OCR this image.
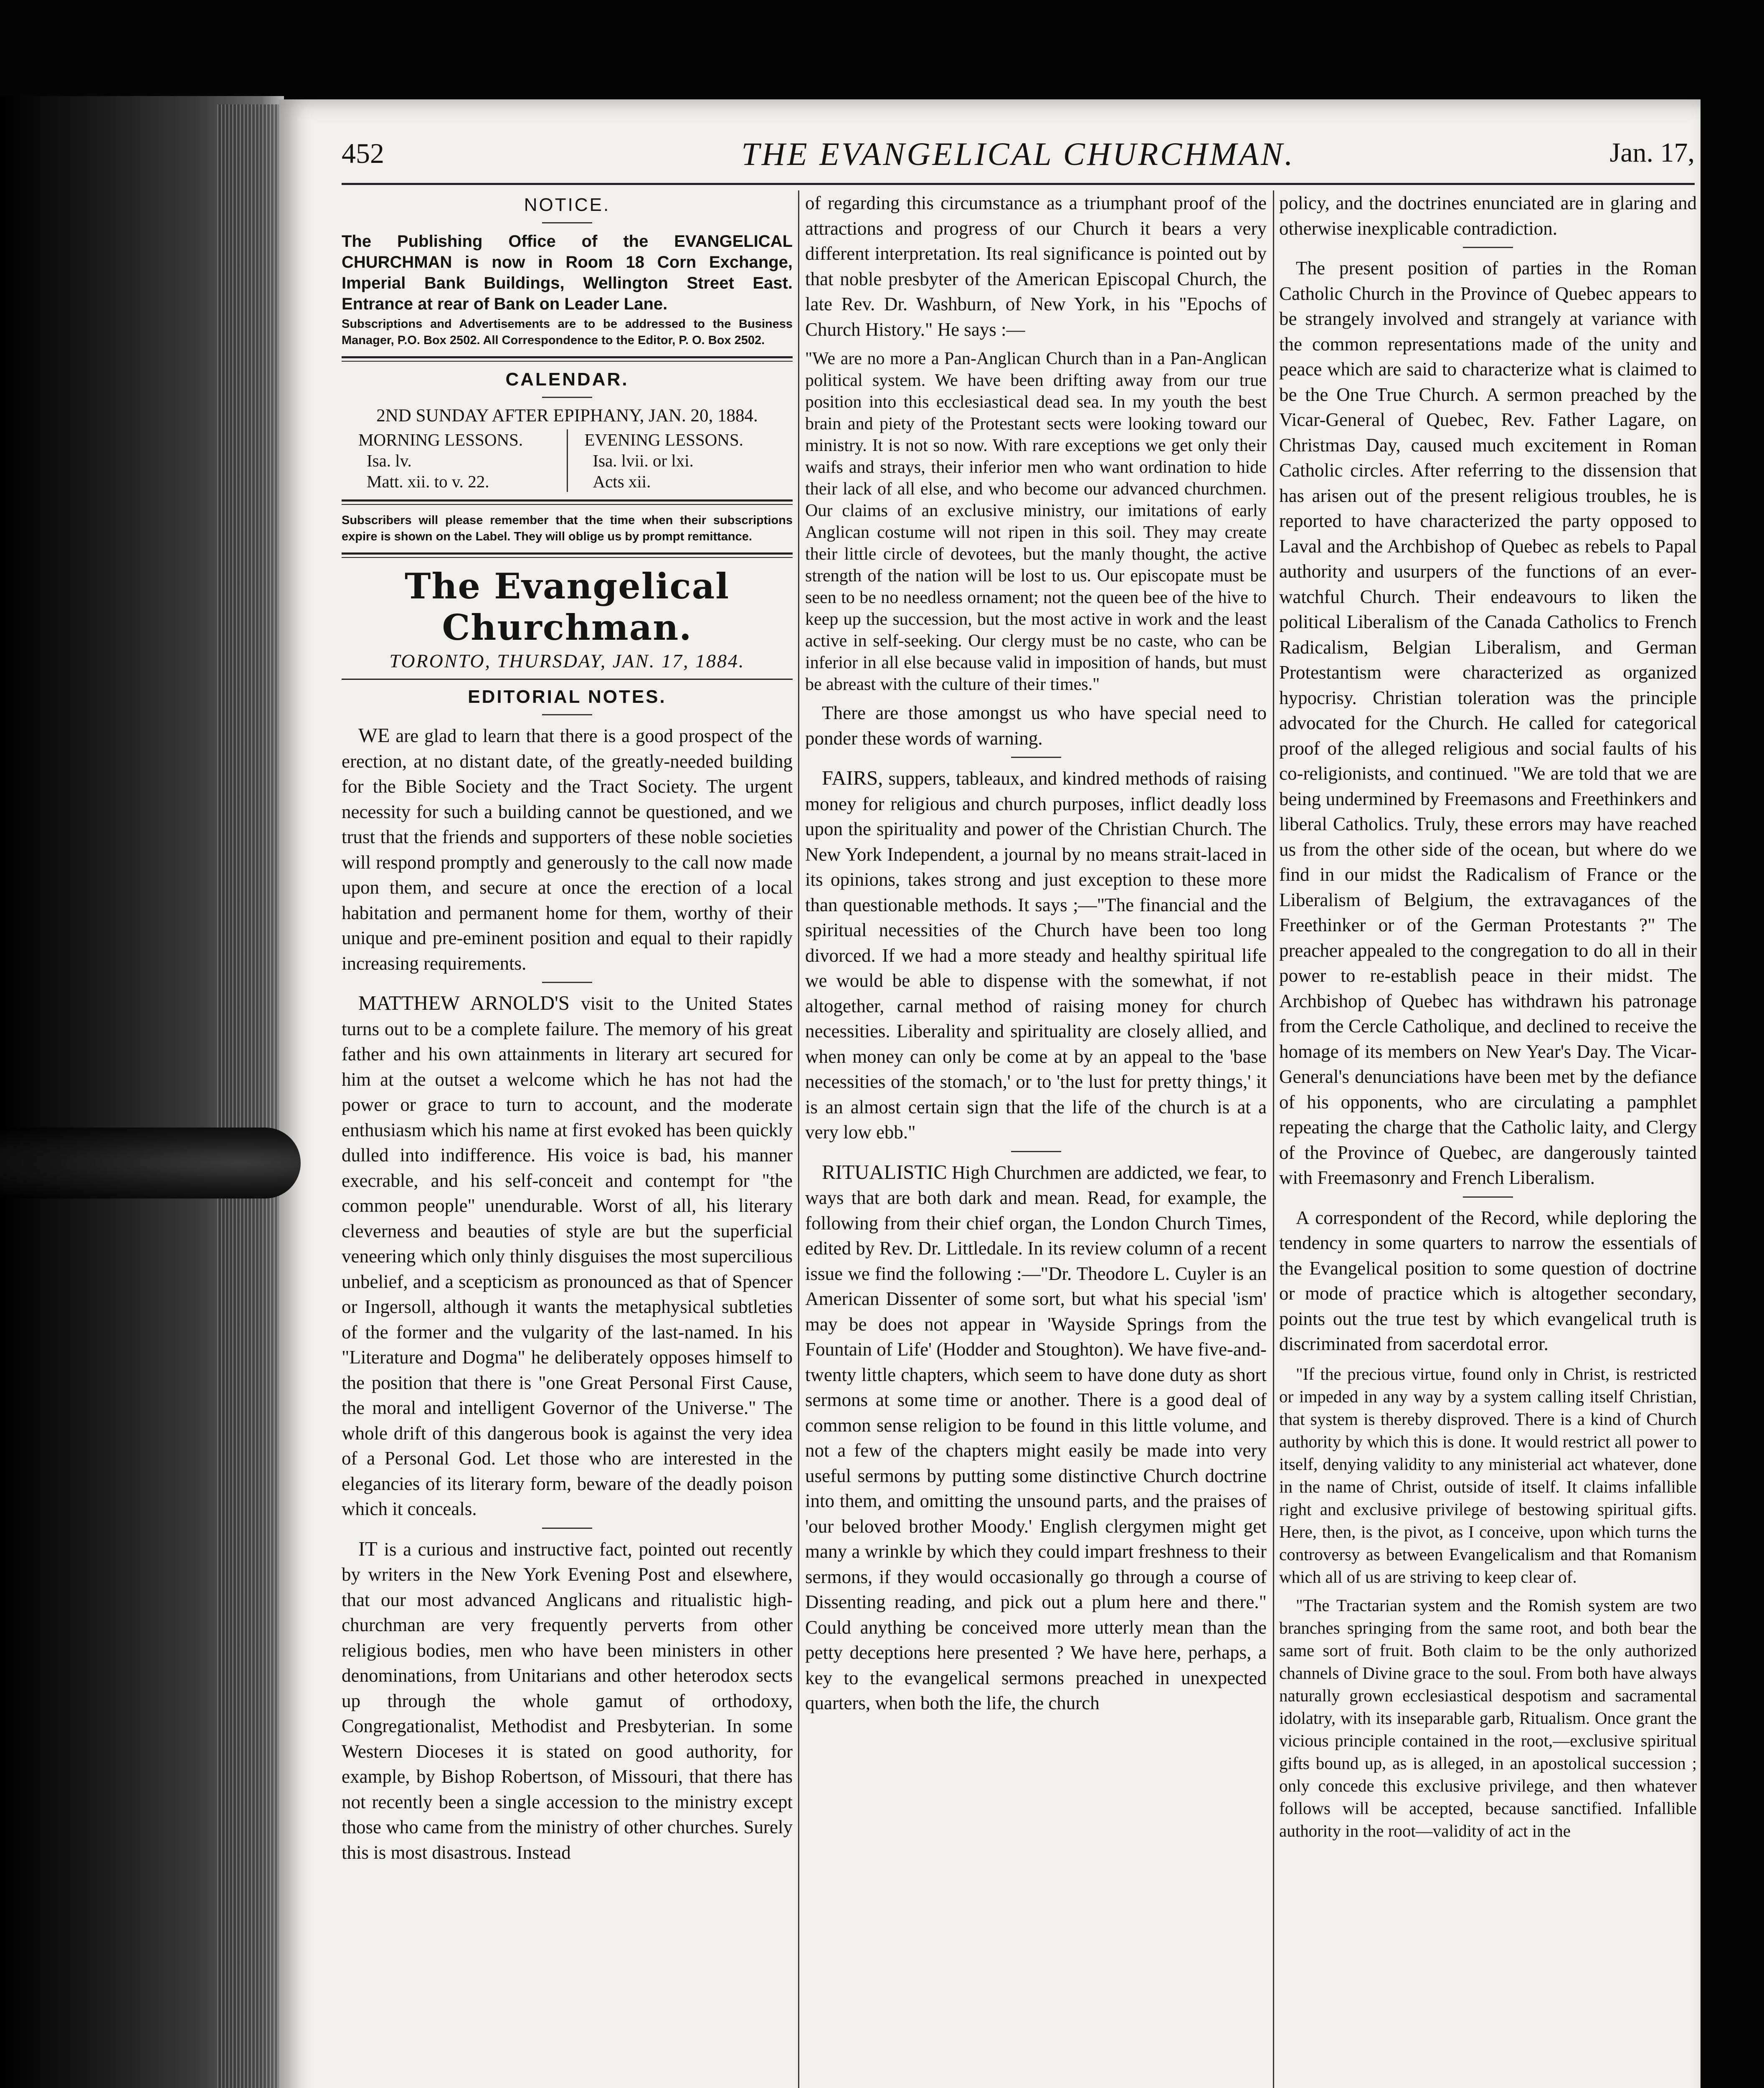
452	THE EVANGELICAL CHURCHMAN.	Jan. 17,
NOTICE.
The Publishing Office of the EVANGELICAL CHURCHMAN is now in Room 18 Corn Exchange, Imperial Bank Buildings, Wellington Street East. Entrance at rear of Bank on Leader Lane.
Subscriptions and Advertisements are to be addressed to the Business Manager, P.O. Box 2502. All Correspondence to the Editor, P. O. Box 2502.
CALENDAR.
2ND SUNDAY AFTER EPIPHANY, JAN. 20, 1884.
MORNING LESSONS.
Isa. lv.
Matt. xii. to v. 22.
EVENING LESSONS.
Isa. lvii. or lxi.
Acts xii.
Subscribers will please remember that the time when their subscriptions expire is shown on the Label. They will oblige us by prompt remittance.
The Evangelical Churchman.
TORONTO, THURSDAY, JAN. 17, 1884.
EDITORIAL NOTES.

WE are glad to learn that there is a good prospect of the erection, at no distant date, of the greatly-needed building for the Bible Society and the Tract Society. The urgent necessity for such a building cannot be questioned, and we trust that the friends and supporters of these noble societies will respond promptly and generously to the call now made upon them, and secure at once the erection of a local habitation and permanent home for them, worthy of their unique and pre-eminent position and equal to their rapidly increasing requirements.

MATTHEW ARNOLD'S visit to the United States turns out to be a complete failure. The memory of his great father and his own attainments in literary art secured for him at the outset a welcome which he has not had the power or grace to turn to account, and the moderate enthusiasm which his name at first evoked has been quickly dulled into indifference. His voice is bad, his manner execrable, and his self-conceit and contempt for "the common people" unendurable. Worst of all, his literary cleverness and beauties of style are but the superficial veneering which only thinly disguises the most supercilious unbelief, and a scepticism as pronounced as that of Spencer or Ingersoll, although it wants the metaphysical subtleties of the former and the vulgarity of the last-named. In his "Literature and Dogma" he deliberately opposes himself to the position that there is "one Great Personal First Cause, the moral and intelligent Governor of the Universe." The whole drift of this dangerous book is against the very idea of a Personal God. Let those who are interested in the elegancies of its literary form, beware of the deadly poison which it conceals.

IT is a curious and instructive fact, pointed out recently by writers in the New York Evening Post and elsewhere, that our most advanced Anglicans and ritualistic high-churchman are very frequently perverts from other religious bodies, men who have been ministers in other denominations, from Unitarians and other heterodox sects up through the whole gamut of orthodoxy, Congregationalist, Methodist and Presbyterian. In some Western Dioceses it is stated on good authority, for example, by Bishop Robertson, of Missouri, that there has not recently been a single accession to the ministry except those who came from the ministry of other churches. Surely this is most disastrous. Instead

of regarding this circumstance as a triumphant proof of the attractions and progress of our Church it bears a very different interpretation. Its real significance is pointed out by that noble presbyter of the American Episcopal Church, the late Rev. Dr. Washburn, of New York, in his "Epochs of Church History." He says :—

"We are no more a Pan-Anglican Church than in a Pan-Anglican political system. We have been drifting away from our true position into this ecclesiastical dead sea. In my youth the best brain and piety of the Protestant sects were looking toward our ministry. It is not so now. With rare exceptions we get only their waifs and strays, their inferior men who want ordination to hide their lack of all else, and who become our advanced churchmen. Our claims of an exclusive ministry, our imitations of early Anglican costume will not ripen in this soil. They may create their little circle of devotees, but the manly thought, the active strength of the nation will be lost to us. Our episcopate must be seen to be no needless ornament; not the queen bee of the hive to keep up the succession, but the most active in work and the least active in self-seeking. Our clergy must be no caste, who can be inferior in all else because valid in imposition of hands, but must be abreast with the culture of their times."

There are those amongst us who have special need to ponder these words of warning.

FAIRS, suppers, tableaux, and kindred methods of raising money for religious and church purposes, inflict deadly loss upon the spirituality and power of the Christian Church. The New York Independent, a journal by no means strait-laced in its opinions, takes strong and just exception to these more than questionable methods. It says ;—"The financial and the spiritual necessities of the Church have been too long divorced. If we had a more steady and healthy spiritual life we would be able to dispense with the somewhat, if not altogether, carnal method of raising money for church necessities. Liberality and spirituality are closely allied, and when money can only be come at by an appeal to the 'base necessities of the stomach,' or to 'the lust for pretty things,' it is an almost certain sign that the life of the church is at a very low ebb."

RITUALISTIC High Churchmen are addicted, we fear, to ways that are both dark and mean. Read, for example, the following from their chief organ, the London Church Times, edited by Rev. Dr. Littledale. In its review column of a recent issue we find the following :—"Dr. Theodore L. Cuyler is an American Dissenter of some sort, but what his special 'ism' may be does not appear in 'Wayside Springs from the Fountain of Life' (Hodder and Stoughton). We have five-and-twenty little chapters, which seem to have done duty as short sermons at some time or another. There is a good deal of common sense religion to be found in this little volume, and not a few of the chapters might easily be made into very useful sermons by putting some distinctive Church doctrine into them, and omitting the unsound parts, and the praises of 'our beloved brother Moody.' English clergymen might get many a wrinkle by which they could impart freshness to their sermons, if they would occasionally go through a course of Dissenting reading, and pick out a plum here and there." Could anything be conceived more utterly mean than the petty deceptions here presented ? We have here, perhaps, a key to the evangelical sermons preached in unexpected quarters, when both the life, the church

policy, and the doctrines enunciated are in glaring and otherwise inexplicable contradiction.

The present position of parties in the Roman Catholic Church in the Province of Quebec appears to be strangely involved and strangely at variance with the common representations made of the unity and peace which are said to characterize what is claimed to be the One True Church. A sermon preached by the Vicar-General of Quebec, Rev. Father Lagare, on Christmas Day, caused much excitement in Roman Catholic circles. After referring to the dissension that has arisen out of the present religious troubles, he is reported to have characterized the party opposed to Laval and the Archbishop of Quebec as rebels to Papal authority and usurpers of the functions of an ever-watchful Church. Their endeavours to liken the political Liberalism of the Canada Catholics to French Radicalism, Belgian Liberalism, and German Protestantism were characterized as organized hypocrisy. Christian toleration was the principle advocated for the Church. He called for categorical proof of the alleged religious and social faults of his co-religionists, and continued. "We are told that we are being undermined by Freemasons and Freethinkers and liberal Catholics. Truly, these errors may have reached us from the other side of the ocean, but where do we find in our midst the Radicalism of France or the Liberalism of Belgium, the extravagances of the Freethinker or of the German Protestants ?" The preacher appealed to the congregation to do all in their power to re-establish peace in their midst. The Archbishop of Quebec has withdrawn his patronage from the Cercle Catholique, and declined to receive the homage of its members on New Year's Day. The Vicar-General's denunciations have been met by the defiance of his opponents, who are circulating a pamphlet repeating the charge that the Catholic laity, and Clergy of the Province of Quebec, are dangerously tainted with Freemasonry and French Liberalism.

A correspondent of the Record, while deploring the tendency in some quarters to narrow the essentials of the Evangelical position to some question of doctrine or mode of practice which is altogether secondary, points out the true test by which evangelical truth is discriminated from sacerdotal error.

"If the precious virtue, found only in Christ, is restricted or impeded in any way by a system calling itself Christian, that system is thereby disproved. There is a kind of Church authority by which this is done. It would restrict all power to itself, denying validity to any ministerial act whatever, done in the name of Christ, outside of itself. It claims infallible right and exclusive privilege of bestowing spiritual gifts. Here, then, is the pivot, as I conceive, upon which turns the controversy as between Evangelicalism and that Romanism which all of us are striving to keep clear of.

"The Tractarian system and the Romish system are two branches springing from the same root, and both bear the same sort of fruit. Both claim to be the only authorized channels of Divine grace to the soul. From both have always naturally grown ecclesiastical despotism and sacramental idolatry, with its inseparable garb, Ritualism. Once grant the vicious principle contained in the root,—exclusive spiritual gifts bound up, as is alleged, in an apostolical succession ; only concede this exclusive privilege, and then whatever follows will be accepted, because sanctified. Infallible authority in the root—validity of act in the
